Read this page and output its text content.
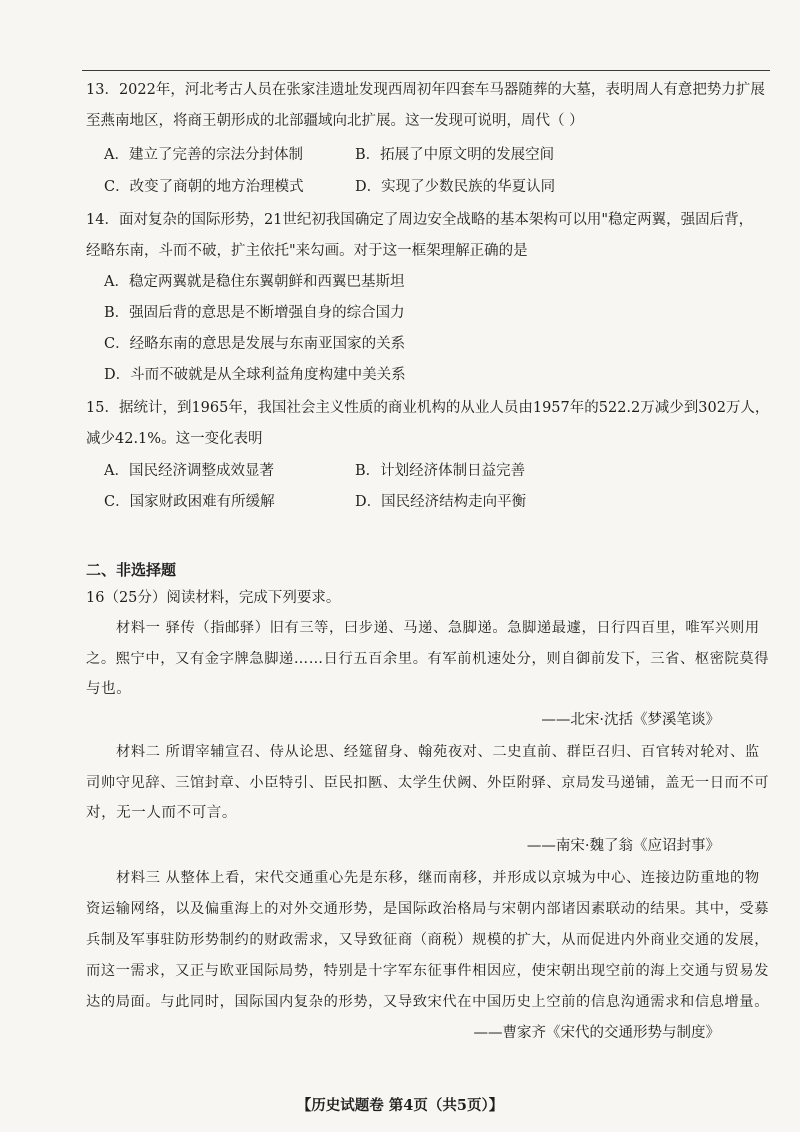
13．2022年，河北考古人员在张家洼遗址发现西周初年四套车马器随葬的大墓，表明周人有意把势力扩展
至燕南地区，将商王朝形成的北部疆域向北扩展。这一发现可说明，周代（ ）
A．建立了完善的宗法分封体制	B．拓展了中原文明的发展空间
C．改变了商朝的地方治理模式	D．实现了少数民族的华夏认同
14．面对复杂的国际形势，21世纪初我国确定了周边安全战略的基本架构可以用"稳定两翼，强固后背，
经略东南，斗而不破，扩主依托"来勾画。对于这一框架理解正确的是
A．稳定两翼就是稳住东翼朝鲜和西翼巴基斯坦
B．强固后背的意思是不断增强自身的综合国力
C．经略东南的意思是发展与东南亚国家的关系
D．斗而不破就是从全球利益角度构建中美关系
15．据统计，到1965年，我国社会主义性质的商业机构的从业人员由1957年的522.2万减少到302万人，
减少42.1%。这一变化表明
A．国民经济调整成效显著	B．计划经济体制日益完善
C．国家财政困难有所缓解	D．国民经济结构走向平衡
二、非选择题
16（25分）阅读材料，完成下列要求。
材料一 驿传（指邮驿）旧有三等，曰步递、马递、急脚递。急脚递最遽，日行四百里，唯军兴则用
之。熙宁中，又有金字牌急脚递……日行五百余里。有军前机速处分，则自御前发下，三省、枢密院莫得
与也。
——北宋·沈括《梦溪笔谈》
材料二 所谓宰辅宣召、侍从论思、经筵留身、翰苑夜对、二史直前、群臣召归、百官转对轮对、监
司帅守见辞、三馆封章、小臣特引、臣民扣匦、太学生伏阙、外臣附驿、京局发马递铺，盖无一日而不可
对，无一人而不可言。
——南宋·魏了翁《应诏封事》
材料三 从整体上看，宋代交通重心先是东移，继而南移，并形成以京城为中心、连接边防重地的物
资运输网络，以及偏重海上的对外交通形势，是国际政治格局与宋朝内部诸因素联动的结果。其中，受募
兵制及军事驻防形势制约的财政需求，又导致征商（商税）规模的扩大，从而促进内外商业交通的发展，
而这一需求，又正与欧亚国际局势，特别是十字军东征事件相因应，使宋朝出现空前的海上交通与贸易发
达的局面。与此同时，国际国内复杂的形势，又导致宋代在中国历史上空前的信息沟通需求和信息增量。
——曹家齐《宋代的交通形势与制度》
【历史试题卷 第4页（共5页）】
